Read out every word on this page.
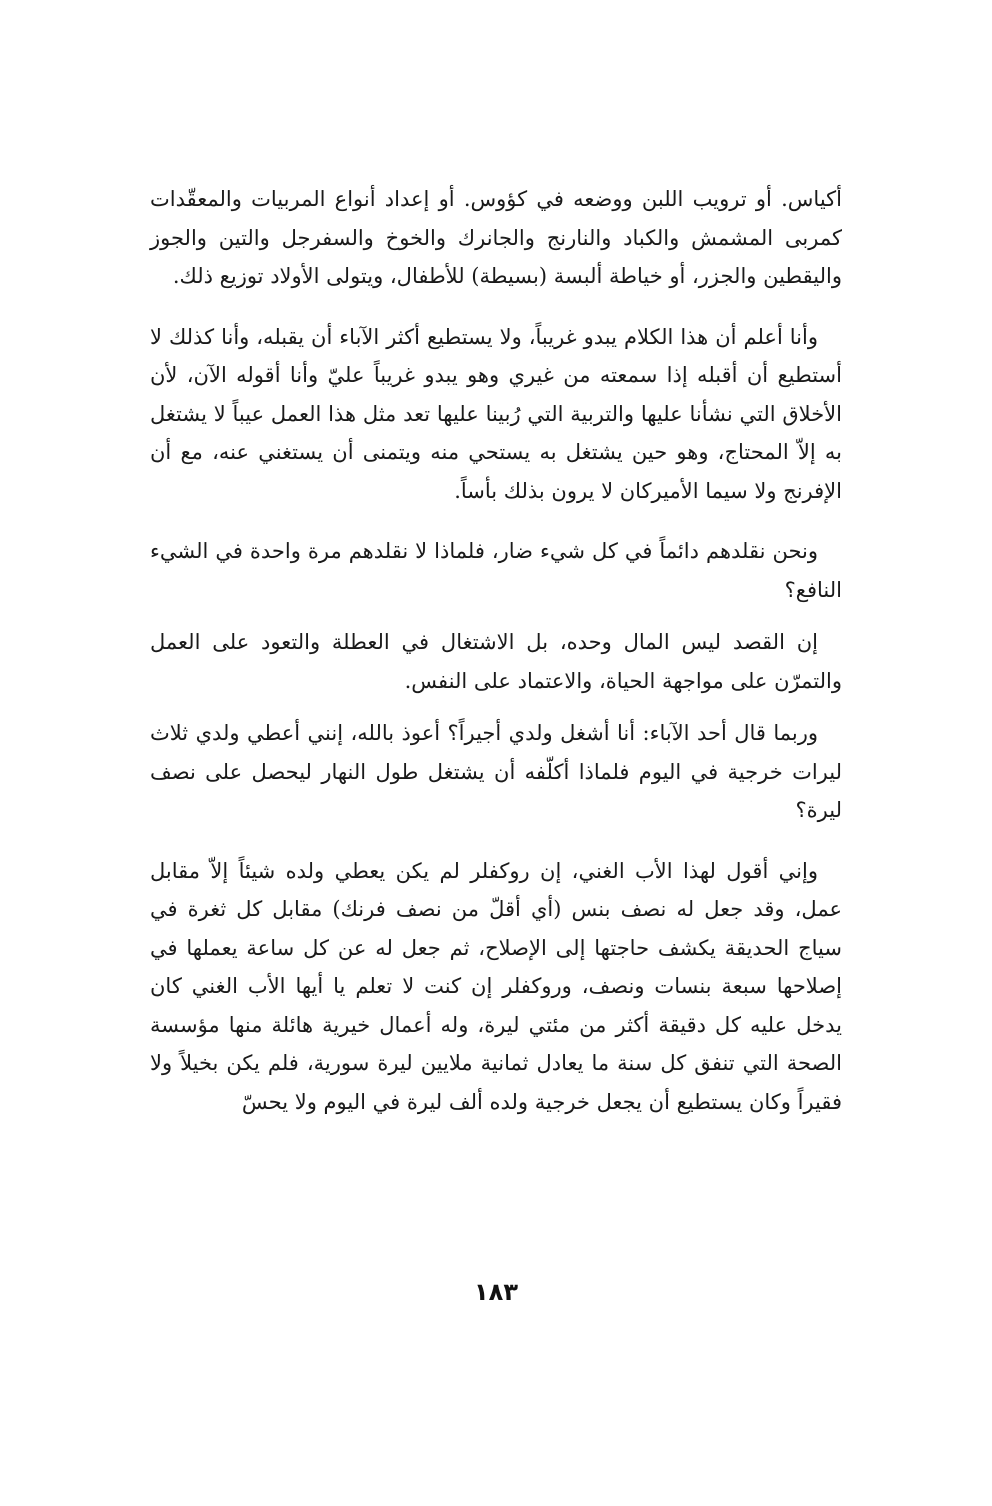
أكياس. أو ترويب اللبن ووضعه في كؤوس. أو إعداد أنواع المربيات والمعقّدات كمربى المشمش والكباد والنارنج والجانرك والخوخ والسفرجل والتين والجوز واليقطين والجزر، أو خياطة ألبسة (بسيطة) للأطفال، ويتولى الأولاد توزيع ذلك.

وأنا أعلم أن هذا الكلام يبدو غريباً، ولا يستطيع أكثر الآباء أن يقبله، وأنا كذلك لا أستطيع أن أقبله إذا سمعته من غيري وهو يبدو غريباً عليّ وأنا أقوله الآن، لأن الأخلاق التي نشأنا عليها والتربية التي رُبينا عليها تعد مثل هذا العمل عيباً لا يشتغل به إلاّ المحتاج، وهو حين يشتغل به يستحي منه ويتمنى أن يستغني عنه، مع أن الإفرنج ولا سيما الأميركان لا يرون بذلك بأساً.

ونحن نقلدهم دائماً في كل شيء ضار، فلماذا لا نقلدهم مرة واحدة في الشيء النافع؟

إن القصد ليس المال وحده، بل الاشتغال في العطلة والتعود على العمل والتمرّن على مواجهة الحياة، والاعتماد على النفس.

وربما قال أحد الآباء: أنا أشغل ولدي أجيراً؟ أعوذ بالله، إنني أعطي ولدي ثلاث ليرات خرجية في اليوم فلماذا أكلّفه أن يشتغل طول النهار ليحصل على نصف ليرة؟

وإني أقول لهذا الأب الغني، إن روكفلر لم يكن يعطي ولده شيئاً إلاّ مقابل عمل، وقد جعل له نصف بنس (أي أقلّ من نصف فرنك) مقابل كل ثغرة في سياج الحديقة يكشف حاجتها إلى الإصلاح، ثم جعل له عن كل ساعة يعملها في إصلاحها سبعة بنسات ونصف، وروكفلر إن كنت لا تعلم يا أيها الأب الغني كان يدخل عليه كل دقيقة أكثر من مئتي ليرة، وله أعمال خيرية هائلة منها مؤسسة الصحة التي تنفق كل سنة ما يعادل ثمانية ملايين ليرة سورية، فلم يكن بخيلاً ولا فقيراً وكان يستطيع أن يجعل خرجية ولده ألف ليرة في اليوم ولا يحسّ

١٨٣
